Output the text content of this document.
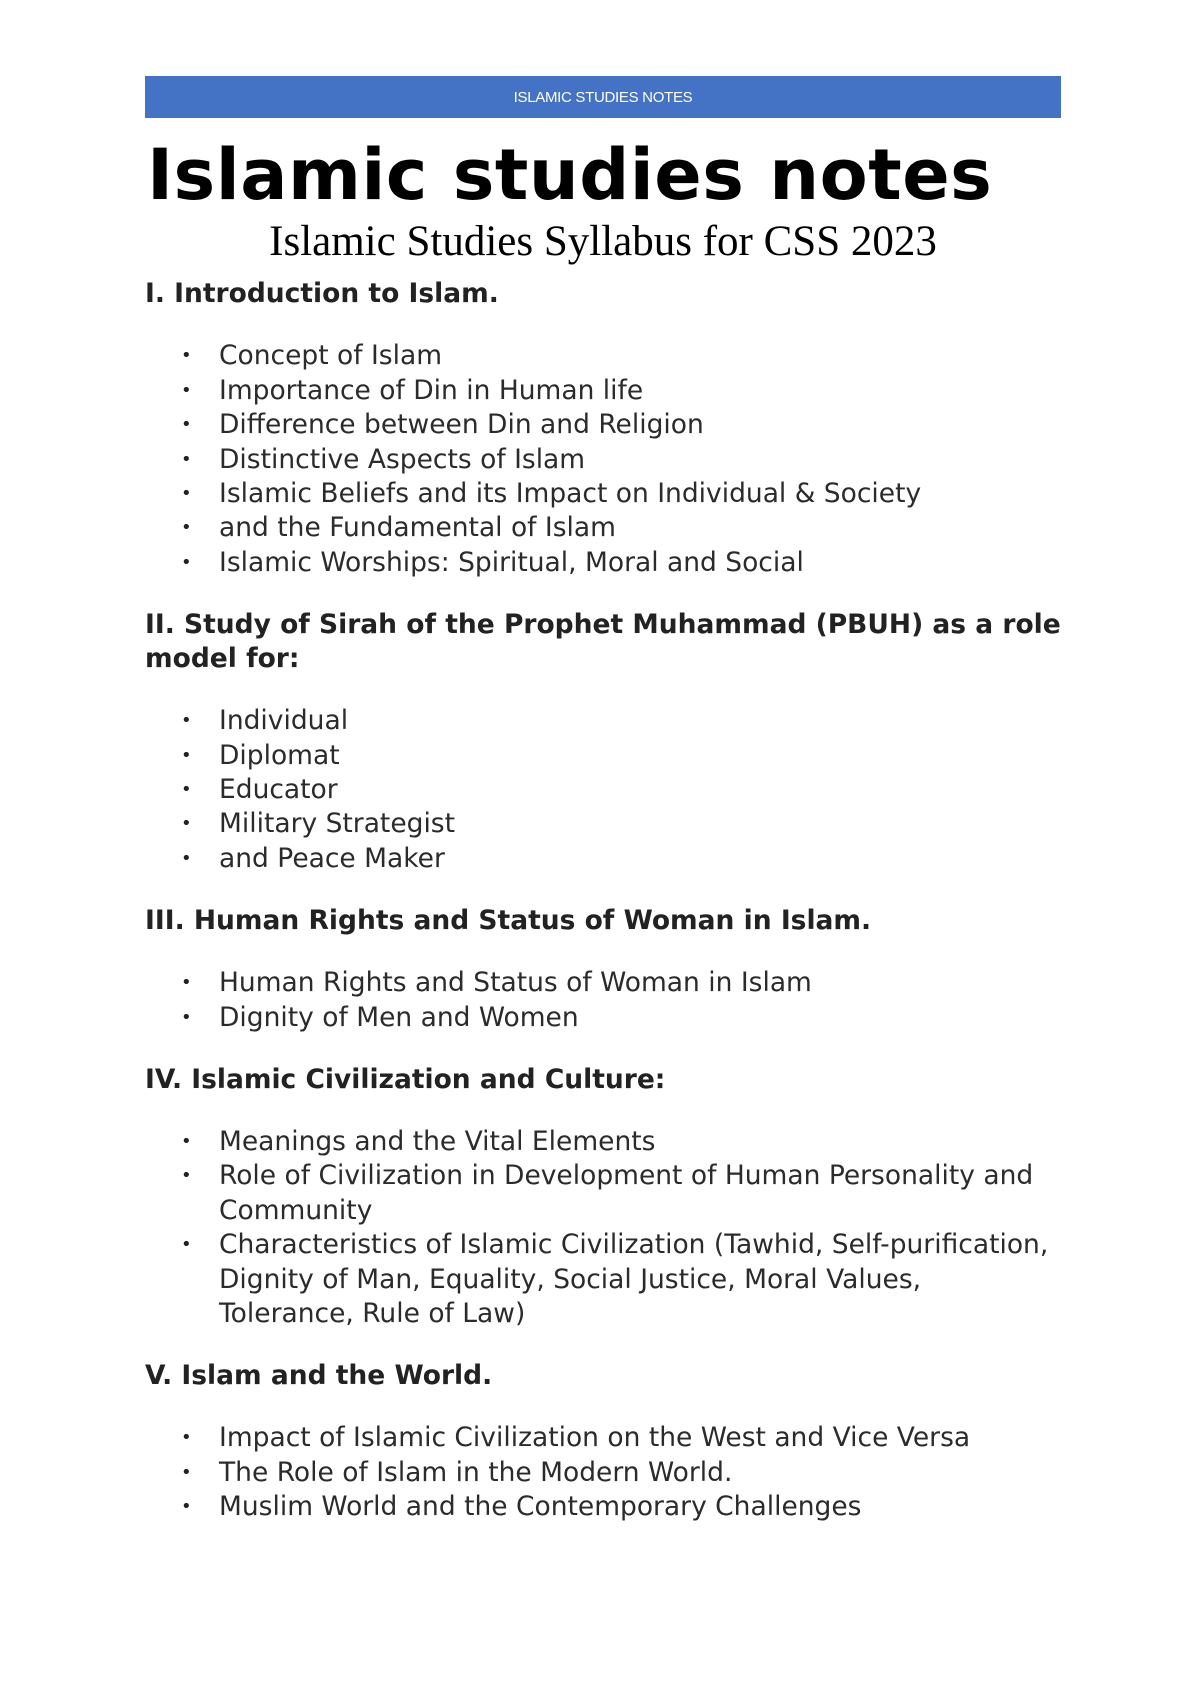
ISLAMIC STUDIES NOTES
Islamic studies notes
Islamic Studies Syllabus for CSS 2023
I. Introduction to Islam.
• Concept of Islam
• Importance of Din in Human life
• Difference between Din and Religion
• Distinctive Aspects of Islam
• Islamic Beliefs and its Impact on Individual & Society
• and the Fundamental of Islam
• Islamic Worships: Spiritual, Moral and Social
II. Study of Sirah of the Prophet Muhammad (PBUH) as a role model for:
• Individual
• Diplomat
• Educator
• Military Strategist
• and Peace Maker
III. Human Rights and Status of Woman in Islam.
• Human Rights and Status of Woman in Islam
• Dignity of Men and Women
IV. Islamic Civilization and Culture:
• Meanings and the Vital Elements
• Role of Civilization in Development of Human Personality and Community
• Characteristics of Islamic Civilization (Tawhid, Self-purification, Dignity of Man, Equality, Social Justice, Moral Values, Tolerance, Rule of Law)
V. Islam and the World.
• Impact of Islamic Civilization on the West and Vice Versa
• The Role of Islam in the Modern World.
• Muslim World and the Contemporary Challenges
